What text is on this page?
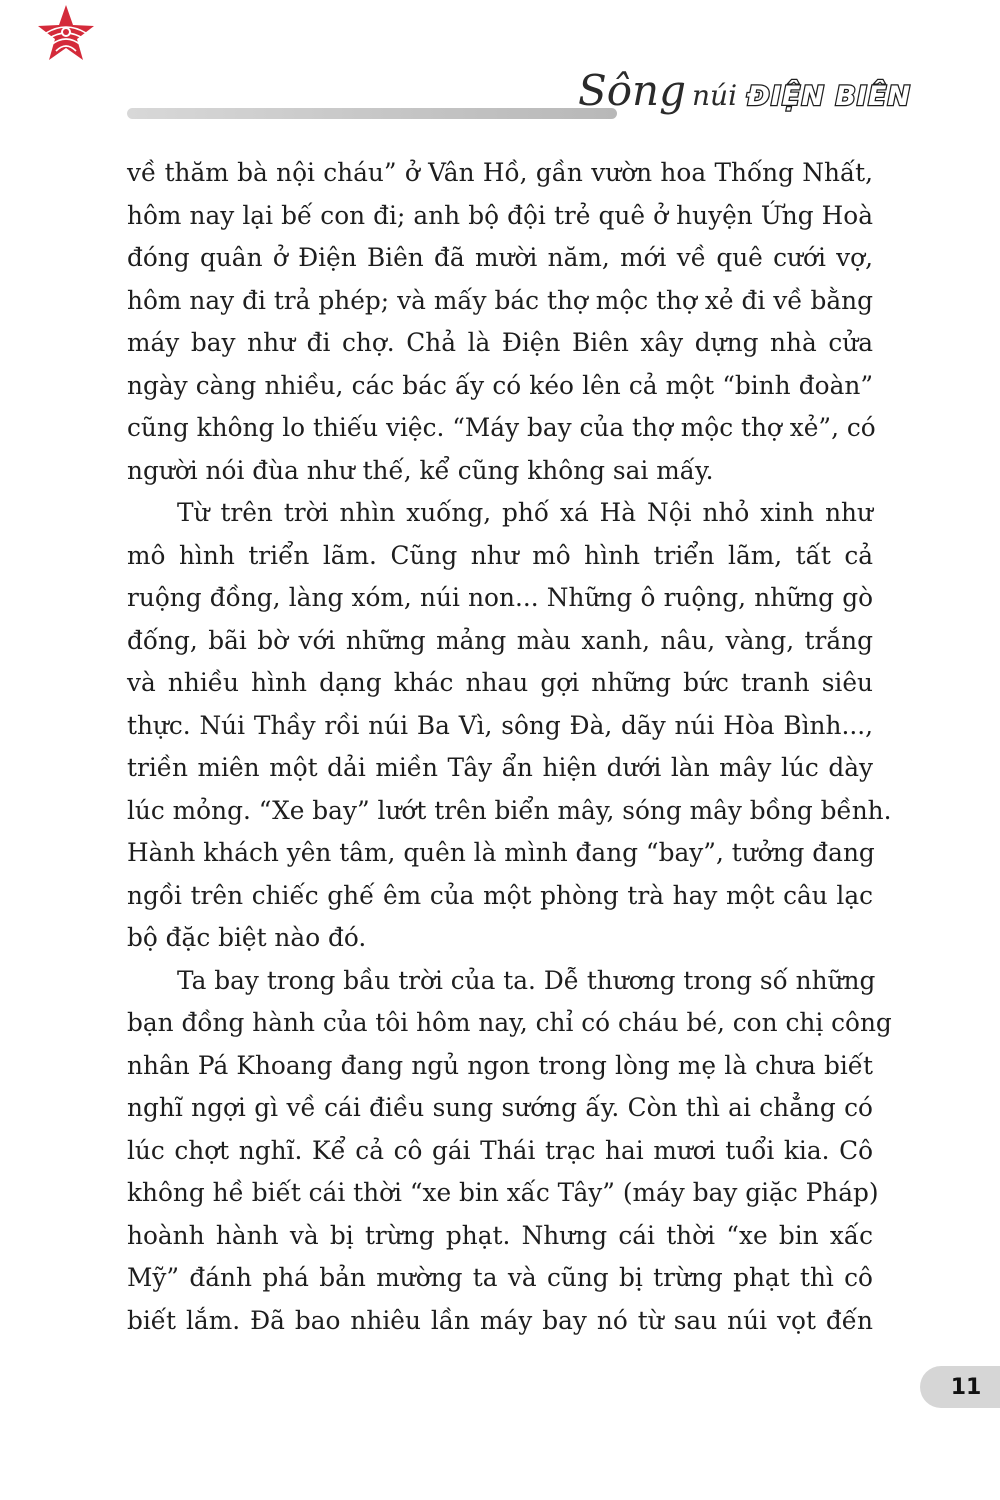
Sông núi ĐIỆN BIÊN
về thăm bà nội cháu” ở Vân Hồ, gần vườn hoa Thống Nhất,
hôm nay lại bế con đi; anh bộ đội trẻ quê ở huyện Ứng Hoà
đóng quân ở Điện Biên đã mười năm, mới về quê cưới vợ,
hôm nay đi trả phép; và mấy bác thợ mộc thợ xẻ đi về bằng
máy bay như đi chợ. Chả là Điện Biên xây dựng nhà cửa
ngày càng nhiều, các bác ấy có kéo lên cả một “binh đoàn”
cũng không lo thiếu việc. “Máy bay của thợ mộc thợ xẻ”, có
người nói đùa như thế, kể cũng không sai mấy.
Từ trên trời nhìn xuống, phố xá Hà Nội nhỏ xinh như
mô hình triển lãm. Cũng như mô hình triển lãm, tất cả
ruộng đồng, làng xóm, núi non... Những ô ruộng, những gò
đống, bãi bờ với những mảng màu xanh, nâu, vàng, trắng
và nhiều hình dạng khác nhau gợi những bức tranh siêu
thực. Núi Thầy rồi núi Ba Vì, sông Đà, dãy núi Hòa Bình...,
triền miên một dải miền Tây ẩn hiện dưới làn mây lúc dày
lúc mỏng. “Xe bay” lướt trên biển mây, sóng mây bồng bềnh.
Hành khách yên tâm, quên là mình đang “bay”, tưởng đang
ngồi trên chiếc ghế êm của một phòng trà hay một câu lạc
bộ đặc biệt nào đó.
Ta bay trong bầu trời của ta. Dễ thương trong số những
bạn đồng hành của tôi hôm nay, chỉ có cháu bé, con chị công
nhân Pá Khoang đang ngủ ngon trong lòng mẹ là chưa biết
nghĩ ngợi gì về cái điều sung sướng ấy. Còn thì ai chẳng có
lúc chợt nghĩ. Kể cả cô gái Thái trạc hai mươi tuổi kia. Cô
không hề biết cái thời “xe bin xấc Tây” (máy bay giặc Pháp)
hoành hành và bị trừng phạt. Nhưng cái thời “xe bin xấc
Mỹ” đánh phá bản mường ta và cũng bị trừng phạt thì cô
biết lắm. Đã bao nhiêu lần máy bay nó từ sau núi vọt đến
11
